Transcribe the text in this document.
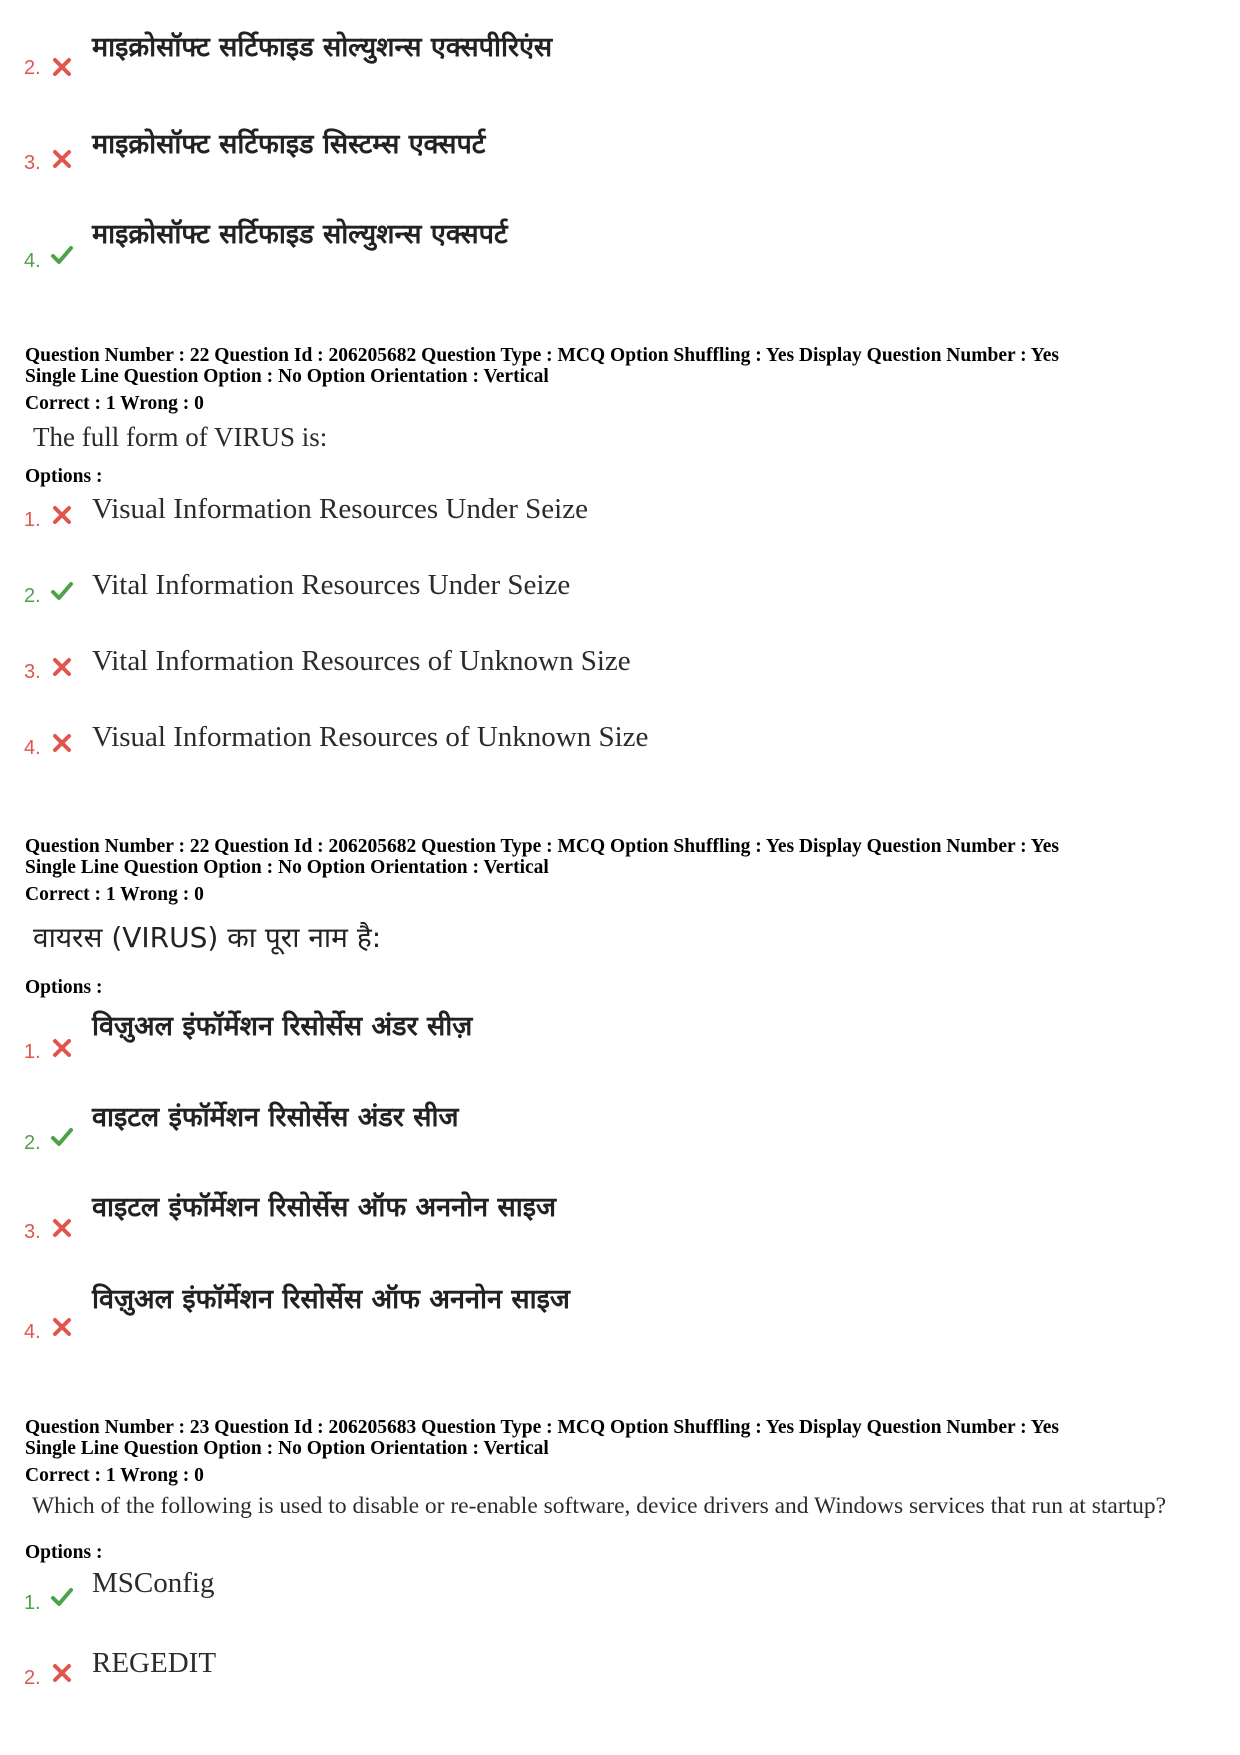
2.
माइक्रोसॉफ्ट सर्टिफाइड सोल्युशन्स एक्सपीरिएंस
3.
माइक्रोसॉफ्ट सर्टिफाइड सिस्टम्स एक्सपर्ट
4.
माइक्रोसॉफ्ट सर्टिफाइड सोल्युशन्स एक्सपर्ट
Question Number : 22 Question Id : 206205682 Question Type : MCQ Option Shuffling : Yes Display Question Number : Yes
Single Line Question Option : No Option Orientation : Vertical
Correct : 1 Wrong : 0
The full form of VIRUS is:
Options :
1. Visual Information Resources Under Seize
2. Vital Information Resources Under Seize
3. Vital Information Resources of Unknown Size
4. Visual Information Resources of Unknown Size
Question Number : 22 Question Id : 206205682 Question Type : MCQ Option Shuffling : Yes Display Question Number : Yes
Single Line Question Option : No Option Orientation : Vertical
Correct : 1 Wrong : 0
वायरस (VIRUS) का पूरा नाम है:
Options :
1.
विज़ुअल इंफॉर्मेशन रिसोर्सेस अंडर सीज़
2.
वाइटल इंफॉर्मेशन रिसोर्सेस अंडर सीज
3.
वाइटल इंफॉर्मेशन रिसोर्सेस ऑफ अननोन साइज
4.
विज़ुअल इंफॉर्मेशन रिसोर्सेस ऑफ अननोन साइज
Question Number : 23 Question Id : 206205683 Question Type : MCQ Option Shuffling : Yes Display Question Number : Yes
Single Line Question Option : No Option Orientation : Vertical
Correct : 1 Wrong : 0
Which of the following is used to disable or re-enable software, device drivers and Windows services that run at startup?
Options :
1.
MSConfig
2. REGEDIT
